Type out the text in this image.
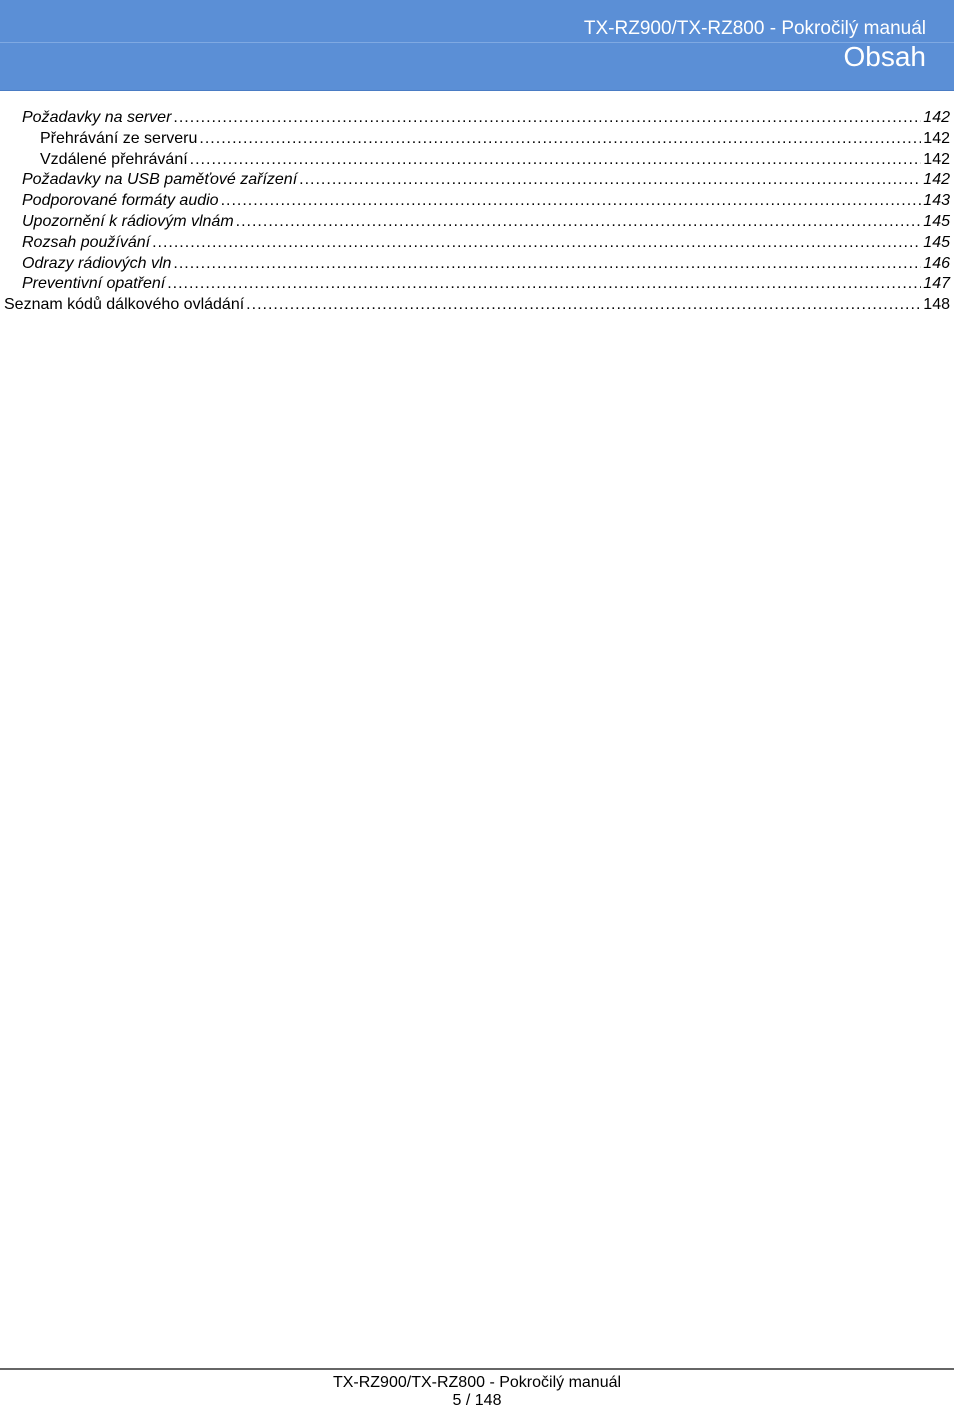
TX-RZ900/TX-RZ800 - Pokročilý manuál
Obsah
Požadavky na server .....	142
Přehrávání ze serveru .....	142
Vzdálené přehrávání .....	142
Požadavky na USB paměťové zařízení .....	142
Podporované formáty audio .....	143
Upozornění k rádiovým vlnám .....	145
Rozsah používání .....	145
Odrazy rádiových vln .....	146
Preventivní opatření .....	147
Seznam kódů dálkového ovládání .....	148
TX-RZ900/TX-RZ800 - Pokročilý manuál
5 / 148
